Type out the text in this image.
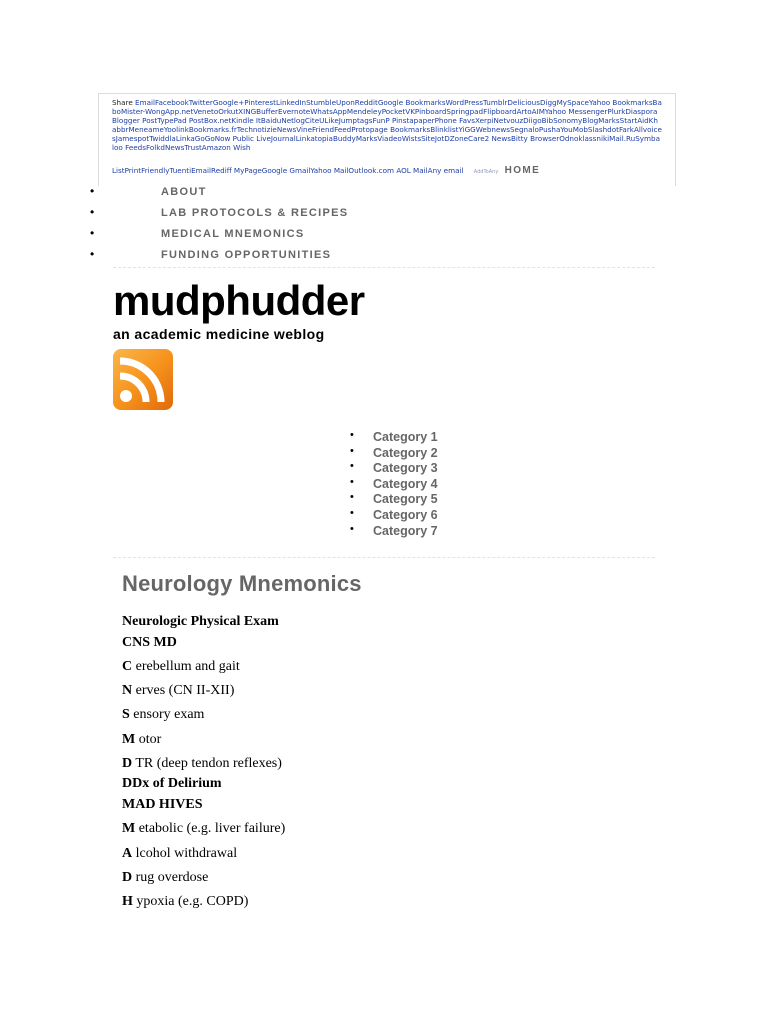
Share EmailFacebookTwitterGoogle+PinterestLinkedInStumbleUponRedditGoogle BookmarksWordPressTumblrDeliciousDiggMySpaceYahoo BookmarksBaboMister-WongApp.netVenetoOrkutXINGBufferEvernoteWhatsAppMendeleyPocketVKPinboardSpringpadFlipboardArtoAIMYahoo MessengerPlurkDiasporaBlogger PostTypePad PostBox.netKindle ItBaiduNetlogCiteULikeJumptagsFunP PinstapaperPhone FavsXerpiNetvouzDiigoBibSonomyBlogMarksStartAidKhabbrMeneameYoolinkBookmarks.frTechnotizieNewsVineFriendFeedProtopage BookmarksBlinklistYiGGWebnewsSegnaloPushaYouMobSlashdotFarkAllvoicesJamespotTwiddlaLinkaGoGoNow Public LiveJournalLinkatopiaBuddyMarksViadeoWistsSiteJotDZoneCare2 NewsBitty BrowserOdnoklassnikiMail.RuSymbaloo FeedsFolkdNewsTrustAmazon Wish
ListPrintFriendlyTuentiEmailRediff MyPageGoogle GmailYahoo MailOutlook.com AOL MailAny email AddToAny HOME
•	ABOUT
•	LAB PROTOCOLS & RECIPES
•	MEDICAL MNEMONICS
•	FUNDING OPPORTUNITIES
mudphudder
an academic medicine weblog
• Category 1
• Category 2
• Category 3
• Category 4
• Category 5
• Category 6
• Category 7
Neurology Mnemonics
Neurologic Physical Exam
CNS MD
C erebellum and gait
N erves (CN II-XII)
S ensory exam
M otor
D TR (deep tendon reflexes)
DDx of Delirium
MAD HIVES
M etabolic (e.g. liver failure)
A lcohol withdrawal
D rug overdose
H ypoxia (e.g. COPD)
